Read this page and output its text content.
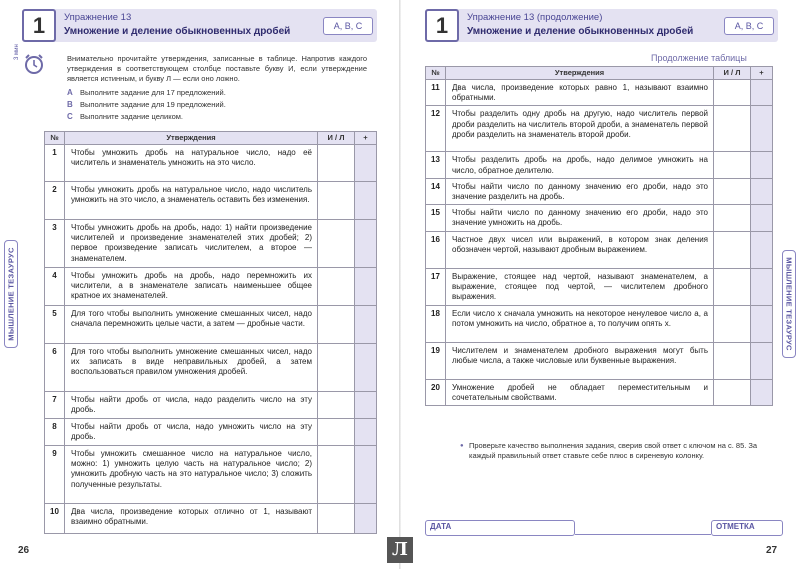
1	Упражнение 13
Умножение и деление обыкновенных дробей	А, В, С
3 мин	Внимательно прочитайте утверждения, записанные в таблице. Напротив каждого утверждения в соответствующем столбце поставьте букву И, если утверждение является истинным, и букву Л — если оно ложно.
А Выполните задание для 17 предложений.
В Выполните задание для 19 предложений.
С Выполните задание целиком.
МЫШЛЕНИЕ ТЕЗАУРУС
№	Утверждения	И / Л	+
1	Чтобы умножить дробь на натуральное число, надо её числитель и знаменатель умножить на это число.		
2	Чтобы умножить дробь на натуральное число, надо числитель умножить на это число, а знаменатель оставить без изменения.		
3	Чтобы умножить дробь на дробь, надо: 1) найти произведение числителей и произведение знаменателей этих дробей; 2) первое произведение записать числителем, а второе — знаменателем.		
4	Чтобы умножить дробь на дробь, надо перемножить их числители, а в знаменателе записать наименьшее общее кратное их знаменателей.		
5	Для того чтобы выполнить умножение смешанных чисел, надо сначала перемножить целые части, а затем — дробные части.		
6	Для того чтобы выполнить умножение смешанных чисел, надо их записать в виде неправильных дробей, а затем воспользоваться правилом умножения дробей.		
7	Чтобы найти дробь от числа, надо разделить число на эту дробь.		
8	Чтобы найти дробь от числа, надо умножить число на эту дробь.		
9	Чтобы умножить смешанное число на натуральное число, можно: 1) умножить целую часть на натуральное число; 2) умножить дробную часть на это натуральное число; 3) сложить полученные результаты.		
10	Два числа, произведение которых отлично от 1, называют взаимно обратными.		
26
1	Упражнение 13 (продолжение)
Умножение и деление обыкновенных дробей	А, В, С
Продолжение таблицы
№	Утверждения	И / Л	+
11	Два числа, произведение которых равно 1, называют взаимно обратными.		
12	Чтобы разделить одну дробь на другую, надо числитель первой дроби разделить на числитель второй дроби, а знаменатель первой дроби разделить на знаменатель второй дроби.		
13	Чтобы разделить дробь на дробь, надо делимое умножить на число, обратное делителю.		
14	Чтобы найти число по данному значению его дроби, надо это значение разделить на дробь.		
15	Чтобы найти число по данному значению его дроби, надо это значение умножить на дробь.		
16	Частное двух чисел или выражений, в котором знак деления обозначен чертой, называют дробным выражением.		
17	Выражение, стоящее над чертой, называют знаменателем, а выражение, стоящее под чертой, — числителем дробного выражения.		
18	Если число x сначала умножить на некоторое ненулевое число a, а потом умножить на число, обратное a, то получим опять x.		
19	Числителем и знаменателем дробного выражения могут быть любые числа, а также числовые или буквенные выражения.		
20	Умножение дробей не обладает переместительным и сочетательным свойствами.		
● Проверьте качество выполнения задания, сверив свой ответ с ключом на с. 85. За каждый правильный ответ ставьте себе плюс в сиреневую колонку.
МЫШЛЕНИЕ ТЕЗАУРУС
ДАТА	ОТМЕТКА
27
Л
